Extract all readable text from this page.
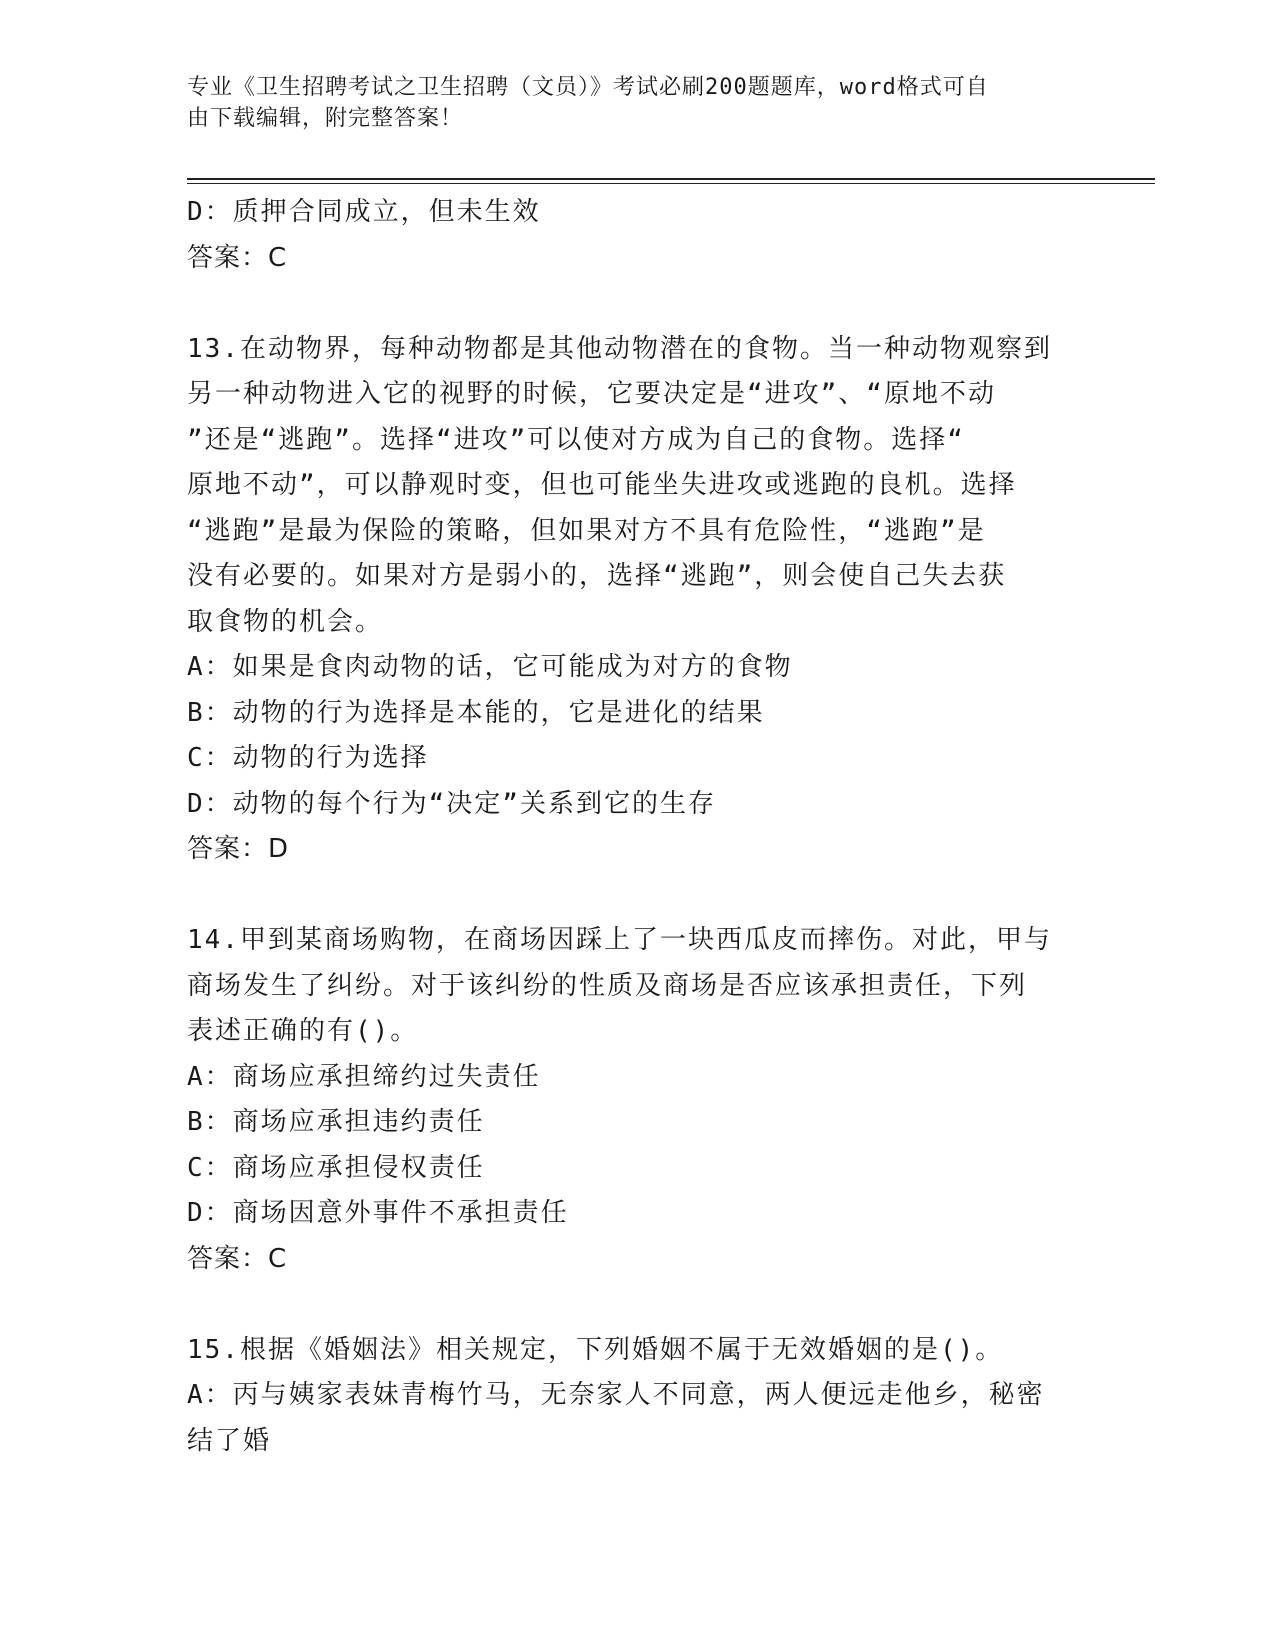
专业《卫生招聘考试之卫生招聘（文员）》考试必刷200题题库，word格式可自
由下载编辑，附完整答案！
D：质押合同成立，但未生效
答案：C
13.在动物界，每种动物都是其他动物潜在的食物。当一种动物观察到
另一种动物进入它的视野的时候，它要决定是“进攻”、“原地不动
”还是“逃跑”。选择“进攻”可以使对方成为自己的食物。选择“
原地不动”，可以静观时变，但也可能坐失进攻或逃跑的良机。选择
“逃跑”是最为保险的策略，但如果对方不具有危险性，“逃跑”是
没有必要的。如果对方是弱小的，选择“逃跑”，则会使自己失去获
取食物的机会。
A：如果是食肉动物的话，它可能成为对方的食物
B：动物的行为选择是本能的，它是进化的结果
C：动物的行为选择
D：动物的每个行为“决定”关系到它的生存
答案：D
14.甲到某商场购物，在商场因踩上了一块西瓜皮而摔伤。对此，甲与
商场发生了纠纷。对于该纠纷的性质及商场是否应该承担责任，下列
表述正确的有()。
A：商场应承担缔约过失责任
B：商场应承担违约责任
C：商场应承担侵权责任
D：商场因意外事件不承担责任
答案：C
15.根据《婚姻法》相关规定，下列婚姻不属于无效婚姻的是()。
A：丙与姨家表妹青梅竹马，无奈家人不同意，两人便远走他乡，秘密
结了婚
